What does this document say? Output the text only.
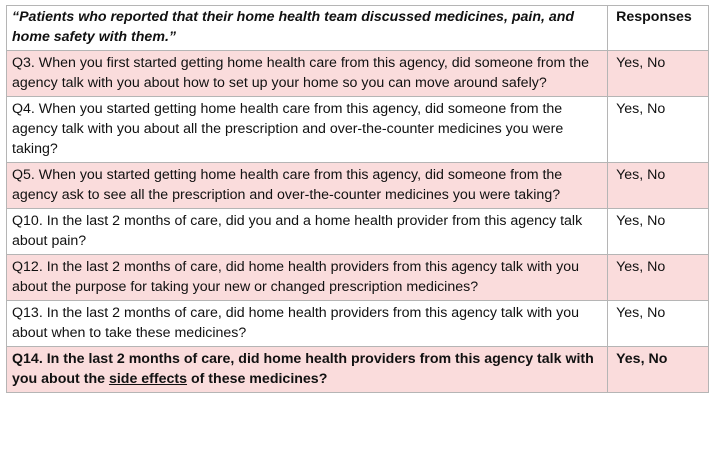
“Patients who reported that their home health team discussed medicines, pain, and home safety with them.”	Responses
Q3. When you first started getting home health care from this agency, did someone from the agency talk with you about how to set up your home so you can move around safely?	Yes, No
Q4. When you started getting home health care from this agency, did someone from the agency talk with you about all the prescription and over-the-counter medicines you were taking?	Yes, No
Q5. When you started getting home health care from this agency, did someone from the agency ask to see all the prescription and over-the-counter medicines you were taking?	Yes, No
Q10. In the last 2 months of care, did you and a home health provider from this agency talk about pain?	Yes, No
Q12. In the last 2 months of care, did home health providers from this agency talk with you about the purpose for taking your new or changed prescription medicines?	Yes, No
Q13. In the last 2 months of care, did home health providers from this agency talk with you about when to take these medicines?	Yes, No
Q14. In the last 2 months of care, did home health providers from this agency talk with you about the side effects of these medicines?	Yes, No
